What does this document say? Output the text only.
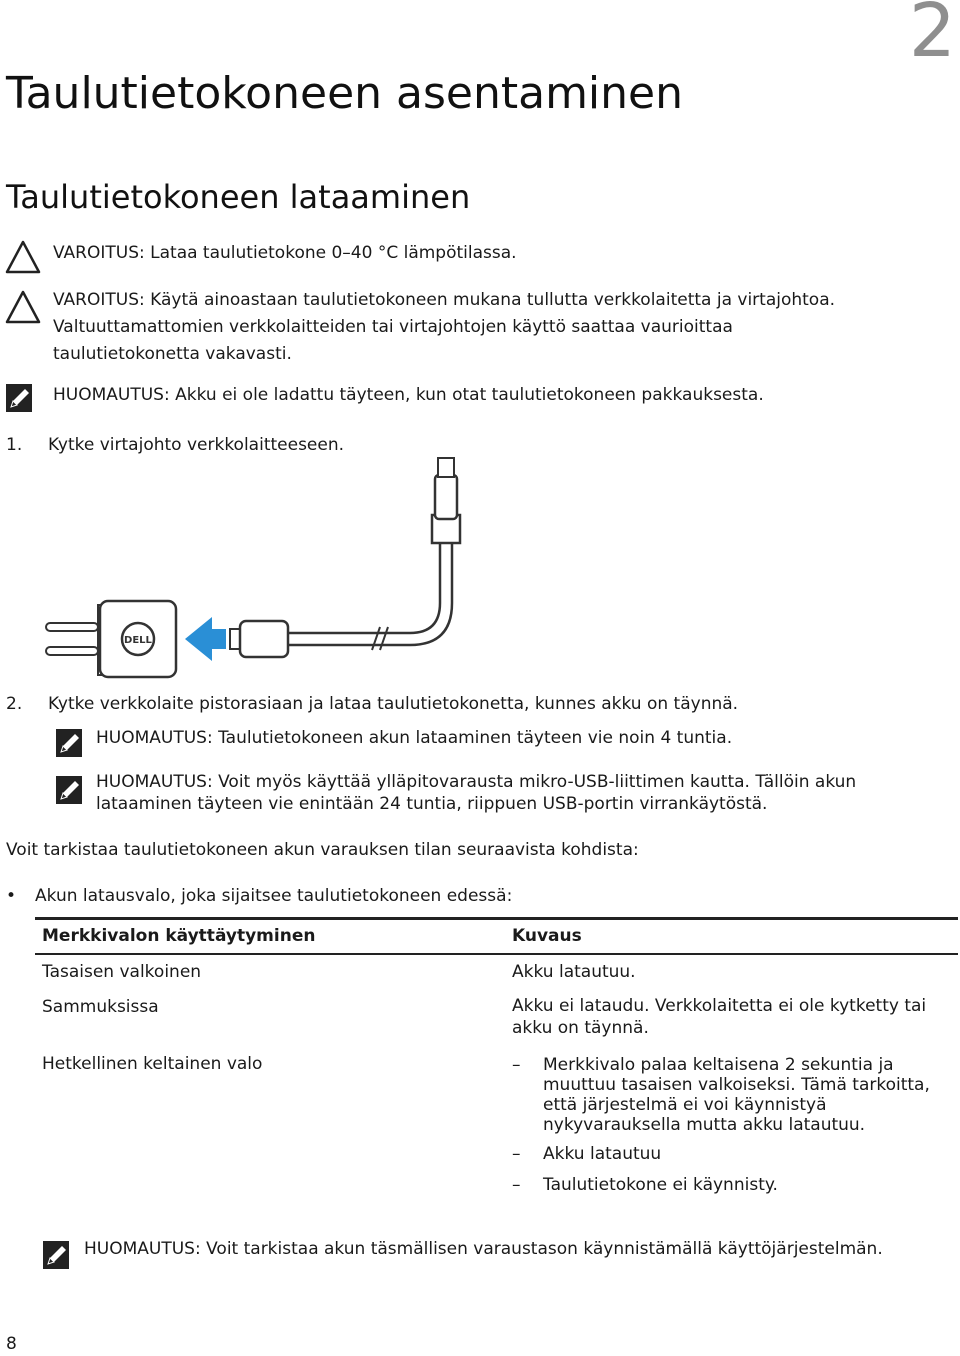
2
Taulutietokoneen asentaminen
Taulutietokoneen lataaminen
VAROITUS: Lataa taulutietokone 0–40 °C lämpötilassa.
VAROITUS: Käytä ainoastaan taulutietokoneen mukana tullutta verkkolaitetta ja virtajohtoa.
Valtuuttamattomien verkkolaitteiden tai virtajohtojen käyttö saattaa vaurioittaa
taulutietokonetta vakavasti.
HUOMAUTUS: Akku ei ole ladattu täyteen, kun otat taulutietokoneen pakkauksesta.
1. Kytke virtajohto verkkolaitteeseen.
DELL
2. Kytke verkkolaite pistorasiaan ja lataa taulutietokonetta, kunnes akku on täynnä.
HUOMAUTUS: Taulutietokoneen akun lataaminen täyteen vie noin 4 tuntia.
HUOMAUTUS: Voit myös käyttää ylläpitovarausta mikro-USB-liittimen kautta. Tällöin akun
lataaminen täyteen vie enintään 24 tuntia, riippuen USB-portin virrankäytöstä.
Voit tarkistaa taulutietokoneen akun varauksen tilan seuraavista kohdista:
• Akun latausvalo, joka sijaitsee taulutietokoneen edessä:
Merkkivalon käyttäytyminen	Kuvaus
Tasaisen valkoinen	Akku latautuu.
Sammuksissa	Akku ei lataudu. Verkkolaitetta ei ole kytketty tai
akku on täynnä.
Hetkellinen keltainen valo	– Merkkivalo palaa keltaisena 2 sekuntia ja
muuttuu tasaisen valkoiseksi. Tämä tarkoitta,
että järjestelmä ei voi käynnistyä
nykyvarauksella mutta akku latautuu.
– Akku latautuu
– Taulutietokone ei käynnisty.
HUOMAUTUS: Voit tarkistaa akun täsmällisen varaustason käynnistämällä käyttöjärjestelmän.
8
